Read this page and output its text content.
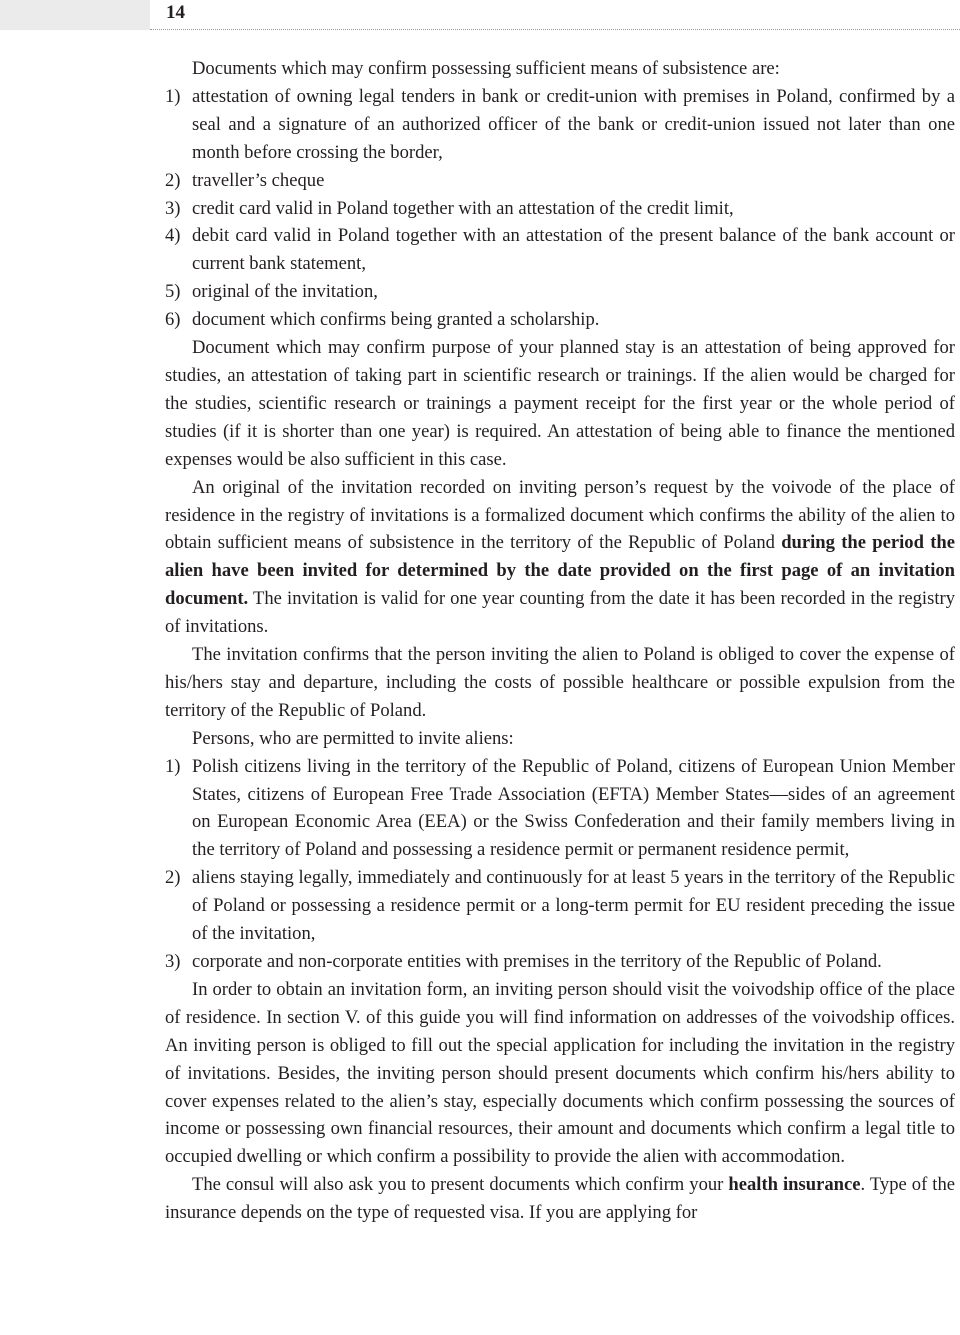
14

Documents which may confirm possessing sufficient means of subsistence are:

1) attestation of owning legal tenders in bank or credit-union with premises in Poland, confirmed by a seal and a signature of an authorized officer of the bank or credit-union issued not later than one month before crossing the border,
2) traveller’s cheque
3) credit card valid in Poland together with an attestation of the credit limit,
4) debit card valid in Poland together with an attestation of the present balance of the bank account or current bank statement,
5) original of the invitation,
6) document which confirms being granted a scholarship.

Document which may confirm purpose of your planned stay is an attestation of being approved for studies, an attestation of taking part in scientific research or trainings. If the alien would be charged for the studies, scientific research or trainings a payment receipt for the first year or the whole period of studies (if it is shorter than one year) is required. An attestation of being able to finance the mentioned expenses would be also sufficient in this case.

An original of the invitation recorded on inviting person’s request by the voivode of the place of residence in the registry of invitations is a formalized document which confirms the ability of the alien to obtain sufficient means of subsistence in the territory of the Republic of Poland during the period the alien have been invited for determined by the date provided on the first page of an invitation document. The invitation is valid for one year counting from the date it has been recorded in the registry of invitations.

The invitation confirms that the person inviting the alien to Poland is obliged to cover the expense of his/hers stay and departure, including the costs of possible healthcare or possible expulsion from the territory of the Republic of Poland.

Persons, who are permitted to invite aliens:

1) Polish citizens living in the territory of the Republic of Poland, citizens of European Union Member States, citizens of European Free Trade Association (EFTA) Member States—sides of an agreement on European Economic Area (EEA) or the Swiss Confederation and their family members living in the territory of Poland and possessing a residence permit or permanent residence permit,
2) aliens staying legally, immediately and continuously for at least 5 years in the territory of the Republic of Poland or possessing a residence permit or a long-term permit for EU resident preceding the issue of the invitation,
3) corporate and non-corporate entities with premises in the territory of the Republic of Poland.

In order to obtain an invitation form, an inviting person should visit the voivodship office of the place of residence. In section V. of this guide you will find information on addresses of the voivodship offices. An inviting person is obliged to fill out the special application for including the invitation in the registry of invitations. Besides, the inviting person should present documents which confirm his/hers ability to cover expenses related to the alien’s stay, especially documents which confirm possessing the sources of income or possessing own financial resources, their amount and documents which confirm a legal title to occupied dwelling or which confirm a possibility to provide the alien with accommodation.

The consul will also ask you to present documents which confirm your health insurance. Type of the insurance depends on the type of requested visa. If you are applying for
